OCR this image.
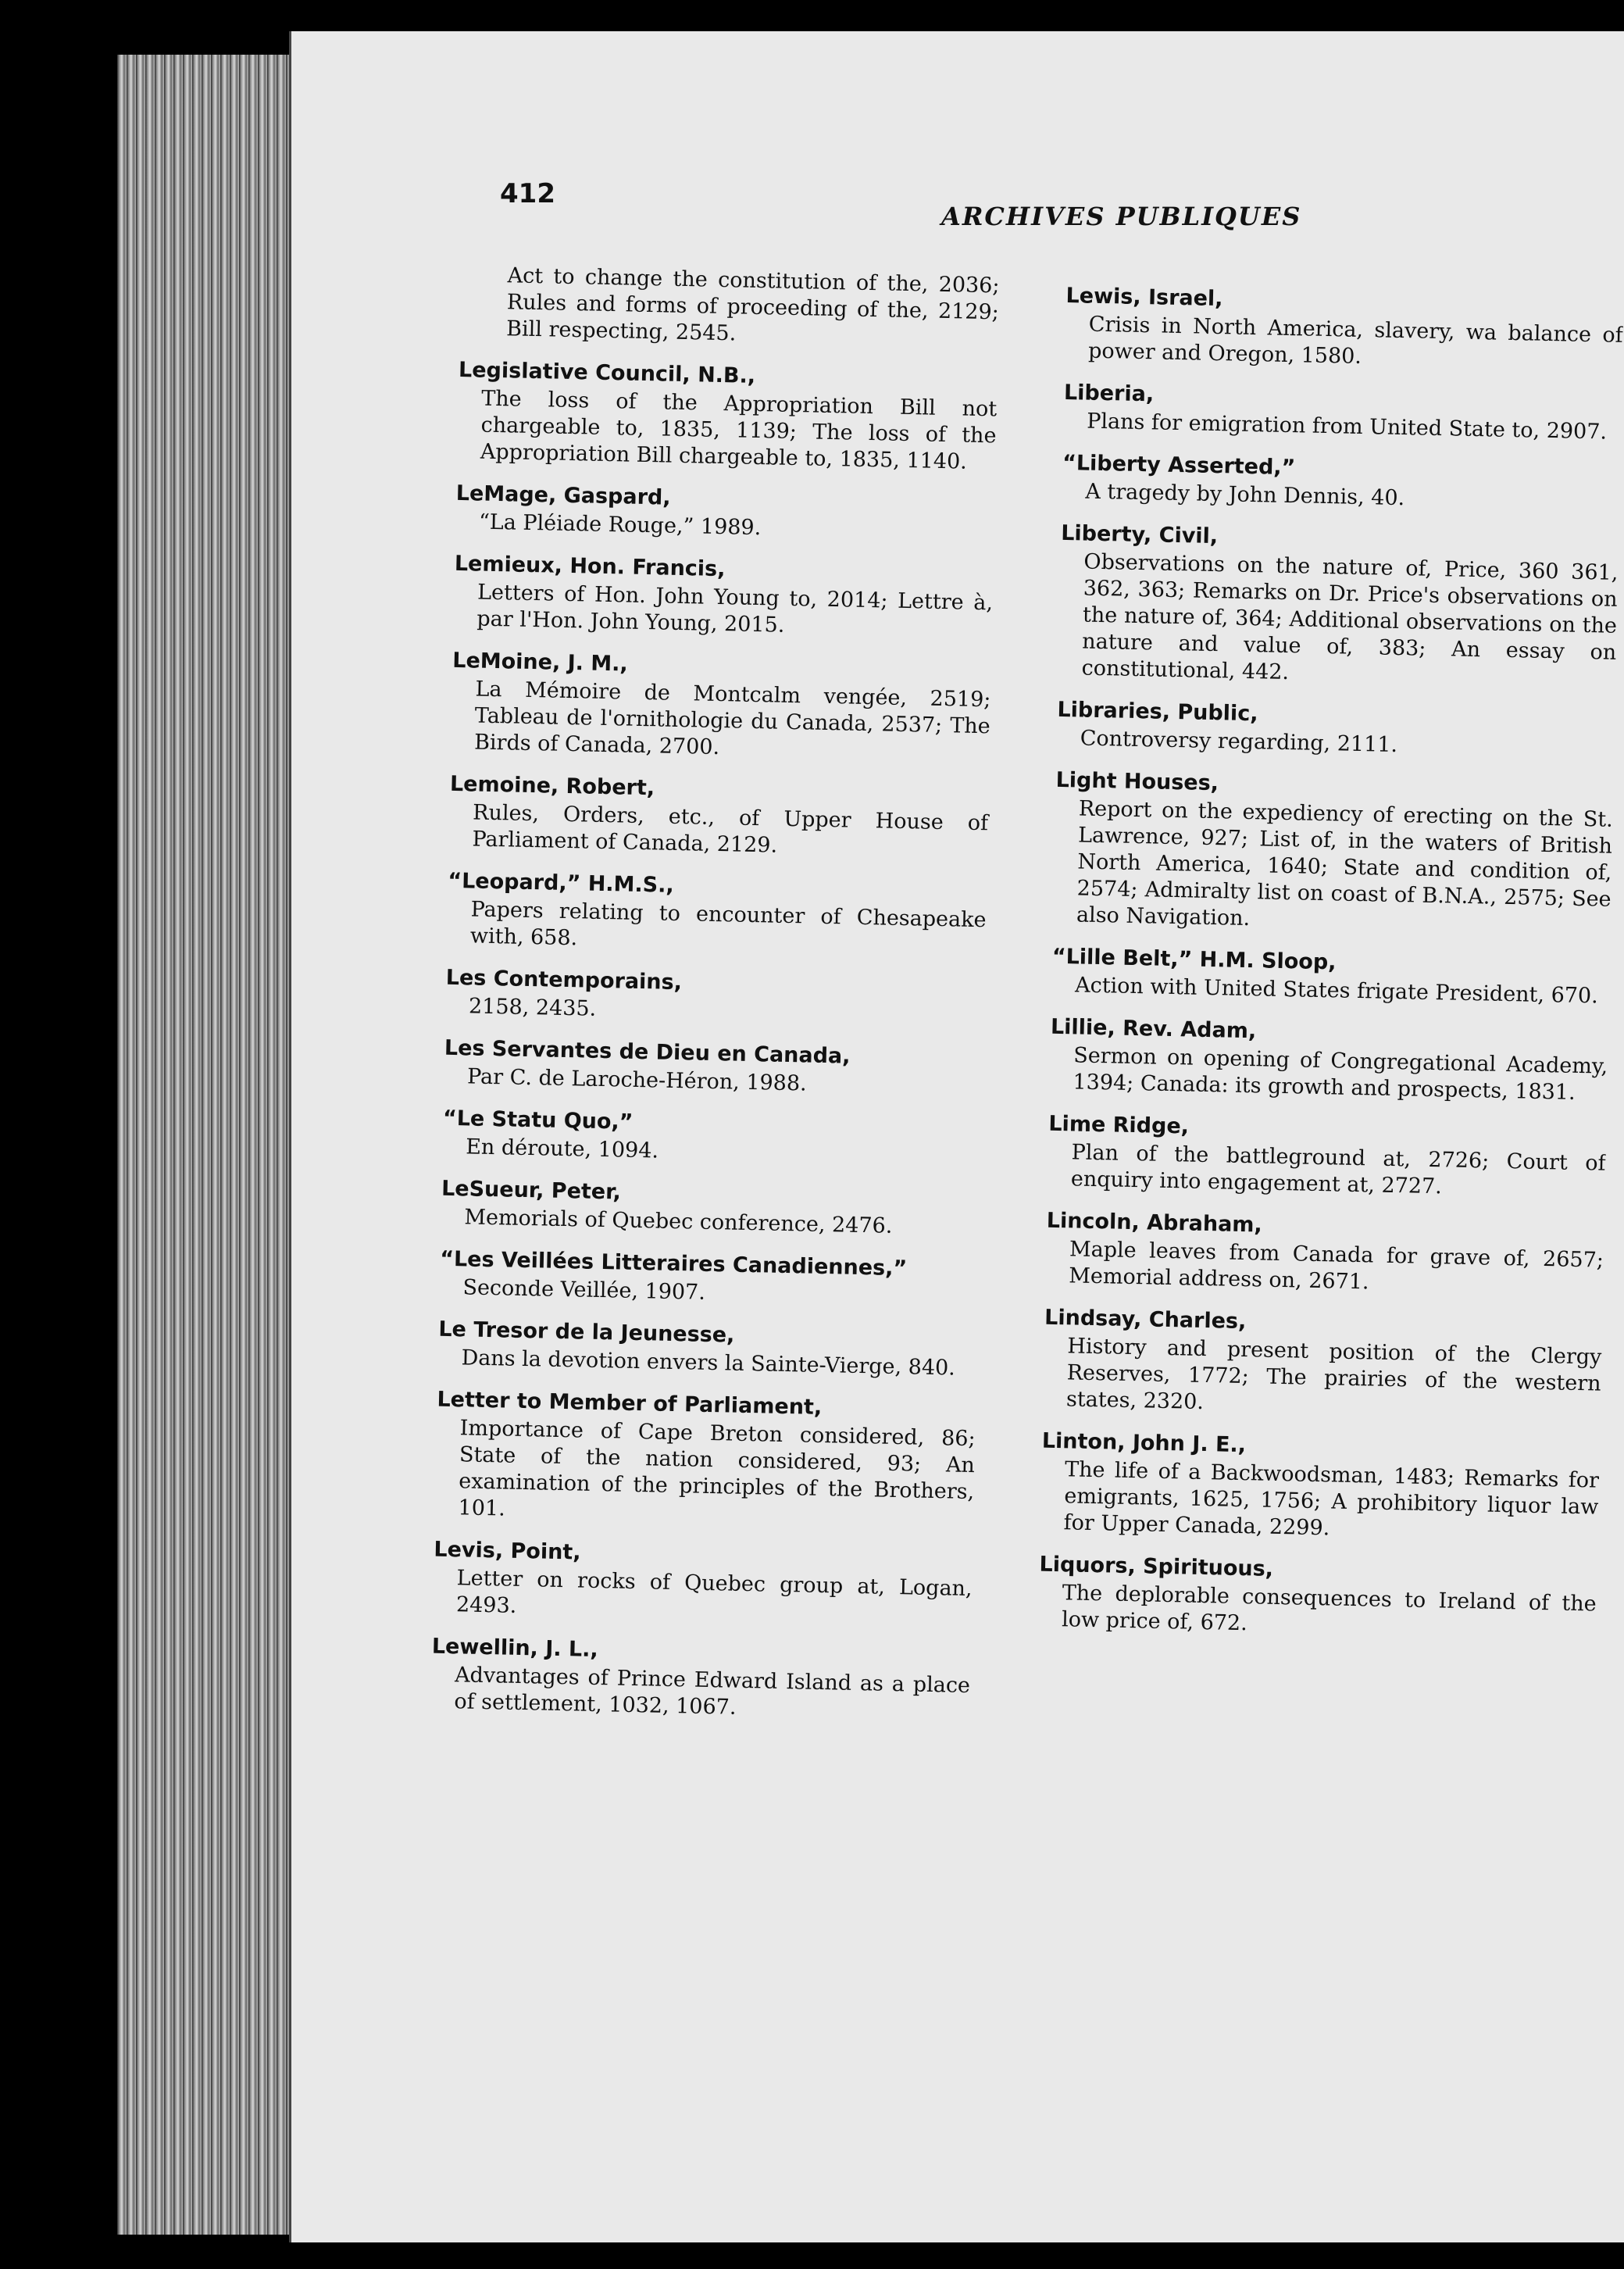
412
ARCHIVES PUBLIQUES
Act to change the constitution of the, 2036; Rules and forms of proceeding of the, 2129; Bill respecting, 2545.
Legislative Council, N.B.,
The loss of the Appropriation Bill not chargeable to, 1835, 1139; The loss of the Appropriation Bill chargeable to, 1835, 1140.
LeMage, Gaspard,
“La Pléiade Rouge,” 1989.
Lemieux, Hon. Francis,
Letters of Hon. John Young to, 2014; Lettre à, par l'Hon. John Young, 2015.
LeMoine, J. M.,
La Mémoire de Montcalm vengée, 2519; Tableau de l'ornithologie du Canada, 2537; The Birds of Canada, 2700.
Lemoine, Robert,
Rules, Orders, etc., of Upper House of Parliament of Canada, 2129.
“Leopard,” H.M.S.,
Papers relating to encounter of Chesapeake with, 658.
Les Contemporains,
2158, 2435.
Les Servantes de Dieu en Canada,
Par C. de Laroche-Héron, 1988.
“Le Statu Quo,”
En déroute, 1094.
LeSueur, Peter,
Memorials of Quebec conference, 2476.
“Les Veillées Litteraires Canadiennes,”
Seconde Veillée, 1907.
Le Tresor de la Jeunesse,
Dans la devotion envers la Sainte-Vierge, 840.
Letter to Member of Parliament,
Importance of Cape Breton considered, 86; State of the nation considered, 93; An examination of the principles of the Brothers, 101.
Levis, Point,
Letter on rocks of Quebec group at, Logan, 2493.
Lewellin, J. L.,
Advantages of Prince Edward Island as a place of settlement, 1032, 1067.
Lewis, Israel,
Crisis in North America, slavery, wa balance of power and Oregon, 1580.
Liberia,
Plans for emigration from United State to, 2907.
“Liberty Asserted,”
A tragedy by John Dennis, 40.
Liberty, Civil,
Observations on the nature of, Price, 360 361, 362, 363; Remarks on Dr. Price's observations on the nature of, 364; Additional observations on the nature and value of, 383; An essay on constitutional, 442.
Libraries, Public,
Controversy regarding, 2111.
Light Houses,
Report on the expediency of erecting on the St. Lawrence, 927; List of, in the waters of British North America, 1640; State and condition of, 2574; Admiralty list on coast of B.N.A., 2575; See also Navigation.
“Lille Belt,” H.M. Sloop,
Action with United States frigate President, 670.
Lillie, Rev. Adam,
Sermon on opening of Congregational Academy, 1394; Canada: its growth and prospects, 1831.
Lime Ridge,
Plan of the battleground at, 2726; Court of enquiry into engagement at, 2727.
Lincoln, Abraham,
Maple leaves from Canada for grave of, 2657; Memorial address on, 2671.
Lindsay, Charles,
History and present position of the Clergy Reserves, 1772; The prairies of the western states, 2320.
Linton, John J. E.,
The life of a Backwoodsman, 1483; Remarks for emigrants, 1625, 1756; A prohibitory liquor law for Upper Canada, 2299.
Liquors, Spirituous,
The deplorable consequences to Ireland of the low price of, 672.
